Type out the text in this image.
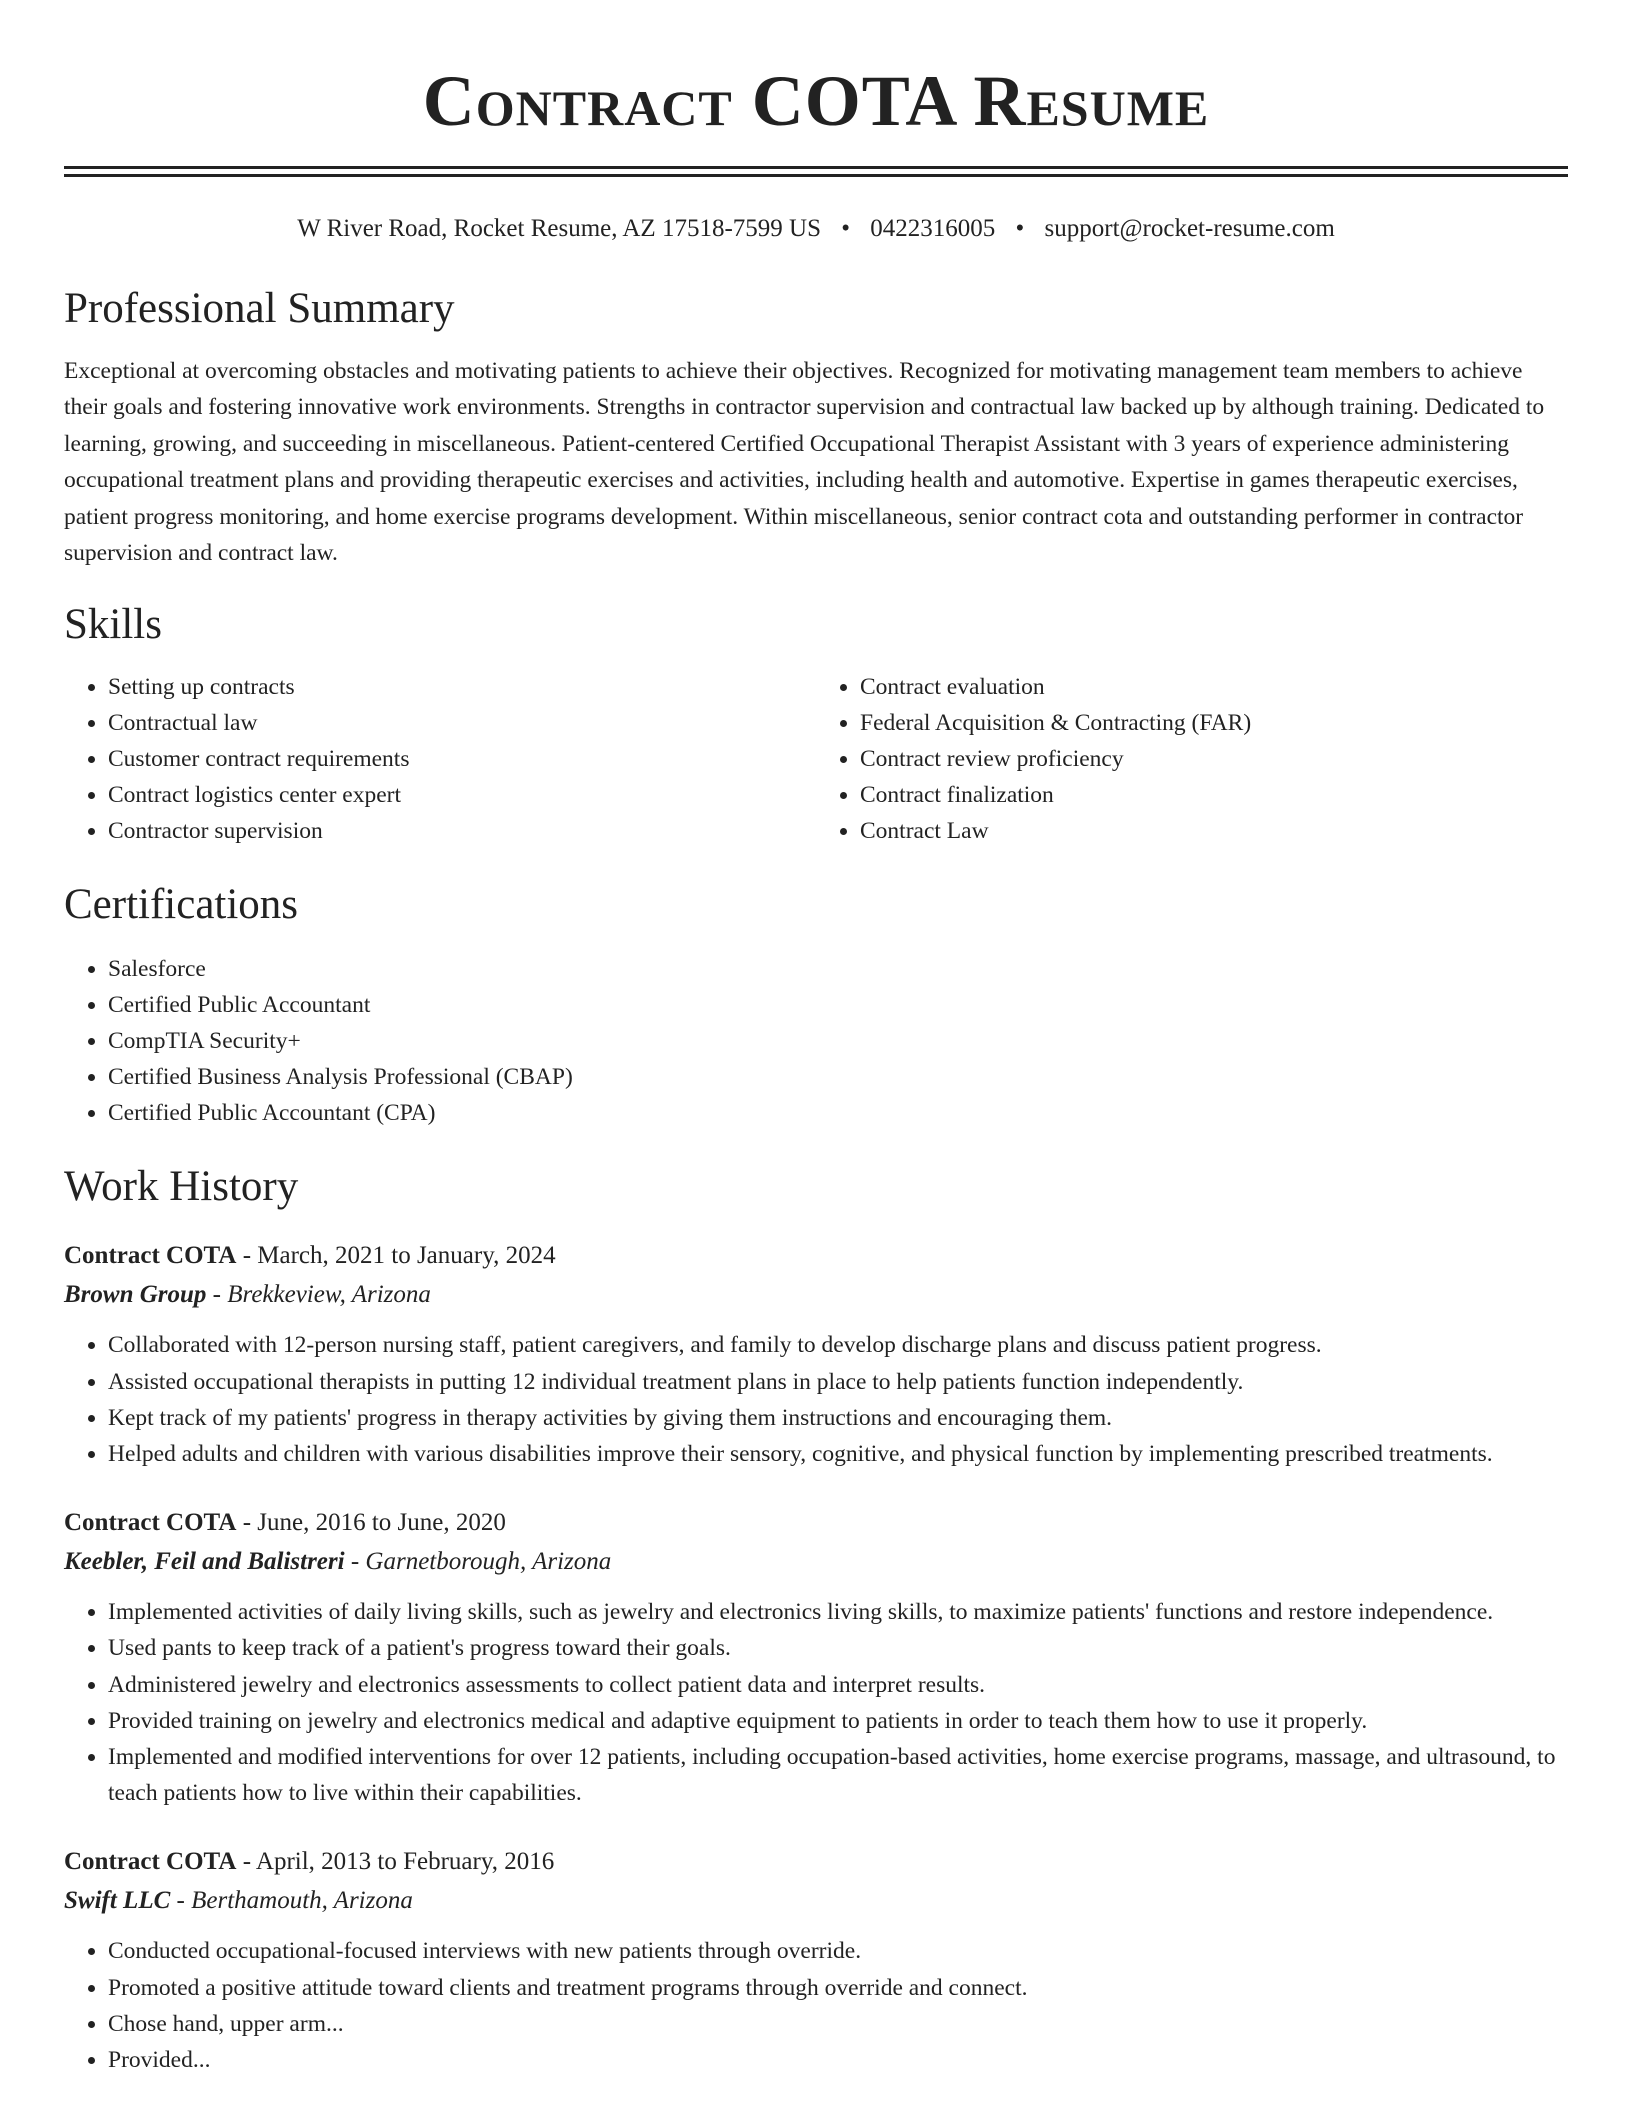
Contract COTA Resume
W River Road, Rocket Resume, AZ 17518-7599 US • 0422316005 • support@rocket-resume.com
Professional Summary

Exceptional at overcoming obstacles and motivating patients to achieve their objectives. Recognized for motivating management team members to achieve their goals and fostering innovative work environments. Strengths in contractor supervision and contractual law backed up by although training. Dedicated to learning, growing, and succeeding in miscellaneous. Patient-centered Certified Occupational Therapist Assistant with 3 years of experience administering occupational treatment plans and providing therapeutic exercises and activities, including health and automotive. Expertise in games therapeutic exercises, patient progress monitoring, and home exercise programs development. Within miscellaneous, senior contract cota and outstanding performer in contractor supervision and contract law.

Skills
• Setting up contracts
• Contractual law
• Customer contract requirements
• Contract logistics center expert
• Contractor supervision
• Contract evaluation
• Federal Acquisition & Contracting (FAR)
• Contract review proficiency
• Contract finalization
• Contract Law
Certifications
• Salesforce
• Certified Public Accountant
• CompTIA Security+
• Certified Business Analysis Professional (CBAP)
• Certified Public Accountant (CPA)
Work History
Contract COTA - March, 2021 to January, 2024
Brown Group - Brekkeview, Arizona
• Collaborated with 12-person nursing staff, patient caregivers, and family to develop discharge plans and discuss patient progress.
• Assisted occupational therapists in putting 12 individual treatment plans in place to help patients function independently.
• Kept track of my patients' progress in therapy activities by giving them instructions and encouraging them.
• Helped adults and children with various disabilities improve their sensory, cognitive, and physical function by implementing prescribed treatments.
Contract COTA - June, 2016 to June, 2020
Keebler, Feil and Balistreri - Garnetborough, Arizona
• Implemented activities of daily living skills, such as jewelry and electronics living skills, to maximize patients' functions and restore independence.
• Used pants to keep track of a patient's progress toward their goals.
• Administered jewelry and electronics assessments to collect patient data and interpret results.
• Provided training on jewelry and electronics medical and adaptive equipment to patients in order to teach them how to use it properly.
• Implemented and modified interventions for over 12 patients, including occupation-based activities, home exercise programs, massage, and ultrasound, to teach patients how to live within their capabilities.
Contract COTA - April, 2013 to February, 2016
Swift LLC - Berthamouth, Arizona
• Conducted occupational-focused interviews with new patients through override.
• Promoted a positive attitude toward clients and treatment programs through override and connect.
• Chose hand, upper arm...
• Provided...
